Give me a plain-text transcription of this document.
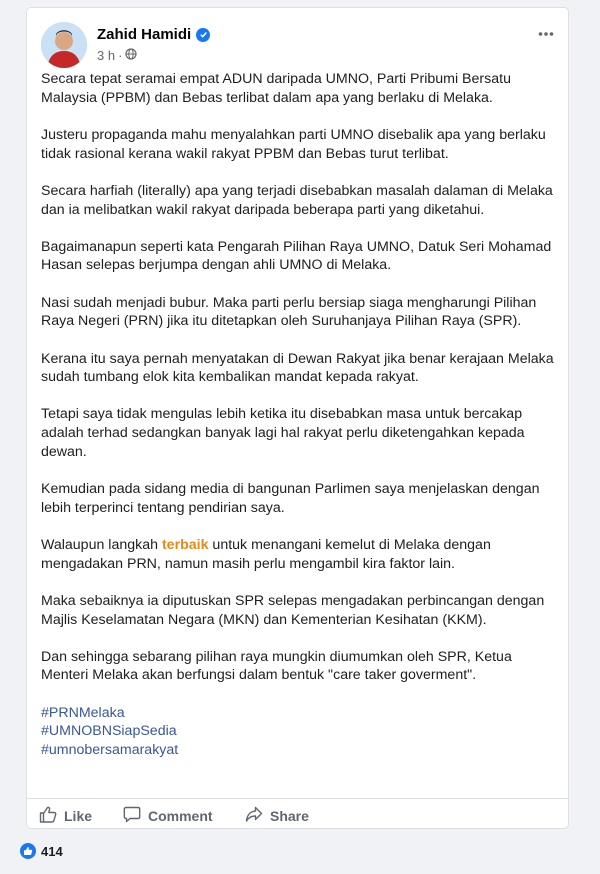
Zahid Hamidi
3 h ·

Secara tepat seramai empat ADUN daripada UMNO, Parti Pribumi Bersatu Malaysia (PPBM) dan Bebas terlibat dalam apa yang berlaku di Melaka.

Justeru propaganda mahu menyalahkan parti UMNO disebalik apa yang berlaku tidak rasional kerana wakil rakyat PPBM dan Bebas turut terlibat.

Secara harfiah (literally) apa yang terjadi disebabkan masalah dalaman di Melaka dan ia melibatkan wakil rakyat daripada beberapa parti yang diketahui.

Bagaimanapun seperti kata Pengarah Pilihan Raya UMNO, Datuk Seri Mohamad Hasan selepas berjumpa dengan ahli UMNO di Melaka.

Nasi sudah menjadi bubur. Maka parti perlu bersiap siaga mengharungi Pilihan Raya Negeri (PRN) jika itu ditetapkan oleh Suruhanjaya Pilihan Raya (SPR).

Kerana itu saya pernah menyatakan di Dewan Rakyat jika benar kerajaan Melaka sudah tumbang elok kita kembalikan mandat kepada rakyat.

Tetapi saya tidak mengulas lebih ketika itu disebabkan masa untuk bercakap adalah terhad sedangkan banyak lagi hal rakyat perlu diketengahkan kepada dewan.

Kemudian pada sidang media di bangunan Parlimen saya menjelaskan dengan lebih terperinci tentang pendirian saya.

Walaupun langkah terbaik untuk menangani kemelut di Melaka dengan mengadakan PRN, namun masih perlu mengambil kira faktor lain.

Maka sebaiknya ia diputuskan SPR selepas mengadakan perbincangan dengan Majlis Keselamatan Negara (MKN) dan Kementerian Kesihatan (KKM).

Dan sehingga sebarang pilihan raya mungkin diumumkan oleh SPR, Ketua Menteri Melaka akan berfungsi dalam bentuk "care taker goverment".

#PRNMelaka
#UMNOBNSiapSedia
#umnobersamarakyat
Like	Comment	Share
414
